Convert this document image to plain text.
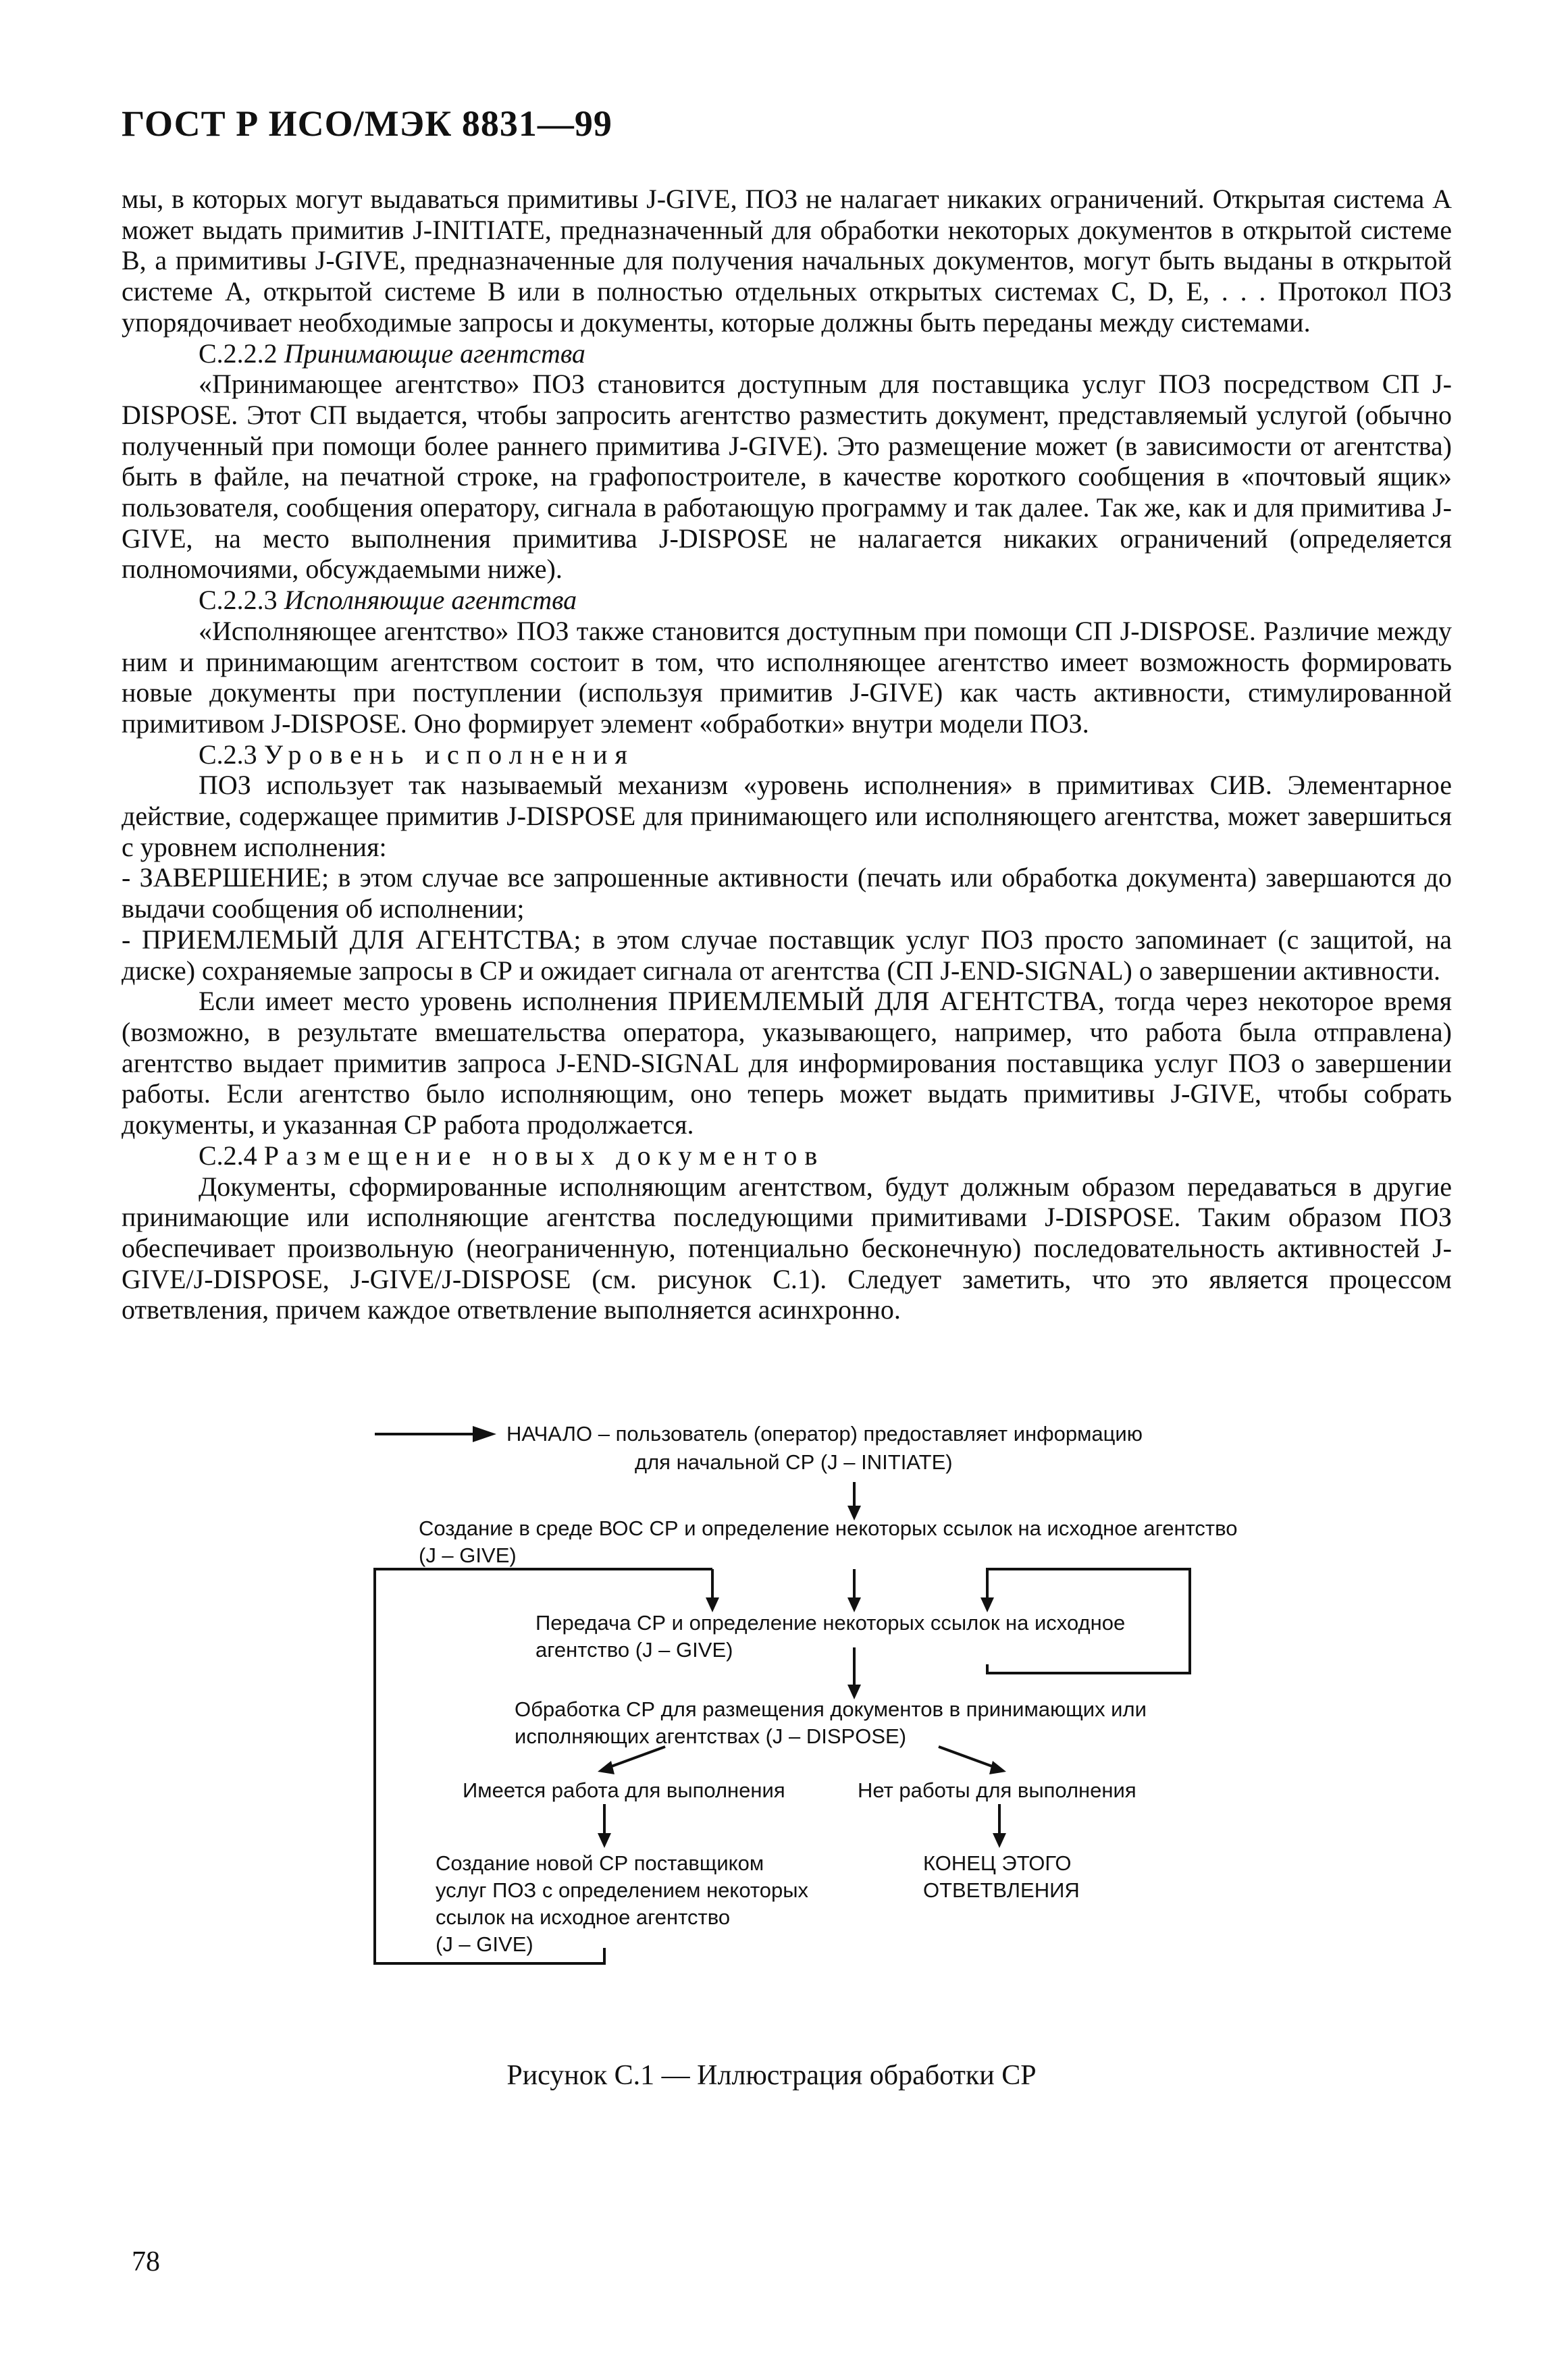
ГОСТ Р ИСО/МЭК 8831—99

мы, в которых могут выдаваться примитивы J-GIVE, ПОЗ не налагает никаких ограничений. Открытая система А может выдать примитив J-INITIATE, предназначенный для обработки некоторых документов в открытой системе В, а примитивы J-GIVE, предназначенные для получения начальных документов, могут быть выданы в открытой системе А, открытой системе В или в полностью отдельных открытых системах С, D, Е, . . . Протокол ПОЗ упорядочивает необходимые запросы и документы, которые должны быть переданы между системами.

С.2.2.2 Принимающие агентства

«Принимающее агентство» ПОЗ становится доступным для поставщика услуг ПОЗ посредством СП J-DISPOSE. Этот СП выдается, чтобы запросить агентство разместить документ, представляемый услугой (обычно полученный при помощи более раннего примитива J-GIVE). Это размещение может (в зависимости от агентства) быть в файле, на печатной строке, на графопостроителе, в качестве короткого сообщения в «почтовый ящик» пользователя, сообщения оператору, сигнала в работающую программу и так далее. Так же, как и для примитива J-GIVE, на место выполнения примитива J-DISPOSE не налагается никаких ограничений (определяется полномочиями, обсуждаемыми ниже).

С.2.2.3 Исполняющие агентства

«Исполняющее агентство» ПОЗ также становится доступным при помощи СП J-DISPOSE. Различие между ним и принимающим агентством состоит в том, что исполняющее агентство имеет возможность формировать новые документы при поступлении (используя примитив J-GIVE) как часть активности, стимулированной примитивом J-DISPOSE. Оно формирует элемент «обработки» внутри модели ПОЗ.

С.2.3 Уровень исполнения

ПОЗ использует так называемый механизм «уровень исполнения» в примитивах СИВ. Элементарное действие, содержащее примитив J-DISPOSE для принимающего или исполняющего агентства, может завершиться с уровнем исполнения:

- ЗАВЕРШЕНИЕ; в этом случае все запрошенные активности (печать или обработка документа) завершаются до выдачи сообщения об исполнении;

- ПРИЕМЛЕМЫЙ ДЛЯ АГЕНТСТВА; в этом случае поставщик услуг ПОЗ просто запоминает (с защитой, на диске) сохраняемые запросы в СР и ожидает сигнала от агентства (СП J-END-SIGNAL) о завершении активности.

Если имеет место уровень исполнения ПРИЕМЛЕМЫЙ ДЛЯ АГЕНТСТВА, тогда через некоторое время (возможно, в результате вмешательства оператора, указывающего, например, что работа была отправлена) агентство выдает примитив запроса J-END-SIGNAL для информирования поставщика услуг ПОЗ о завершении работы. Если агентство было исполняющим, оно теперь может выдать примитивы J-GIVE, чтобы собрать документы, и указанная СР работа продолжается.

С.2.4 Размещение новых документов

Документы, сформированные исполняющим агентством, будут должным образом передаваться в другие принимающие или исполняющие агентства последующими примитивами J-DISPOSE. Таким образом ПОЗ обеспечивает произвольную (неограниченную, потенциально бесконечную) последовательность активностей J-GIVE/J-DISPOSE, J-GIVE/J-DISPOSE (см. рисунок С.1). Следует заметить, что это является процессом ответвления, причем каждое ответвление выполняется асинхронно.

НАЧАЛО – пользователь (оператор) предоставляет информацию
для начальной СР (J – INITIATE)
Создание в среде ВОС СР и определение некоторых ссылок на исходное агентство
(J – GIVE)
Передача СР и определение некоторых ссылок на исходное
агентство (J – GIVE)
Обработка СР для размещения документов в принимающих или
исполняющих агентствах (J – DISPOSE)
Имеется работа для выполнения	Нет работы для выполнения
Создание новой СР поставщиком
услуг ПОЗ с определением некоторых
ссылок на исходное агентство
(J – GIVE)
КОНЕЦ ЭТОГО
ОТВЕТВЛЕНИЯ
Рисунок С.1 — Иллюстрация обработки СР
78
